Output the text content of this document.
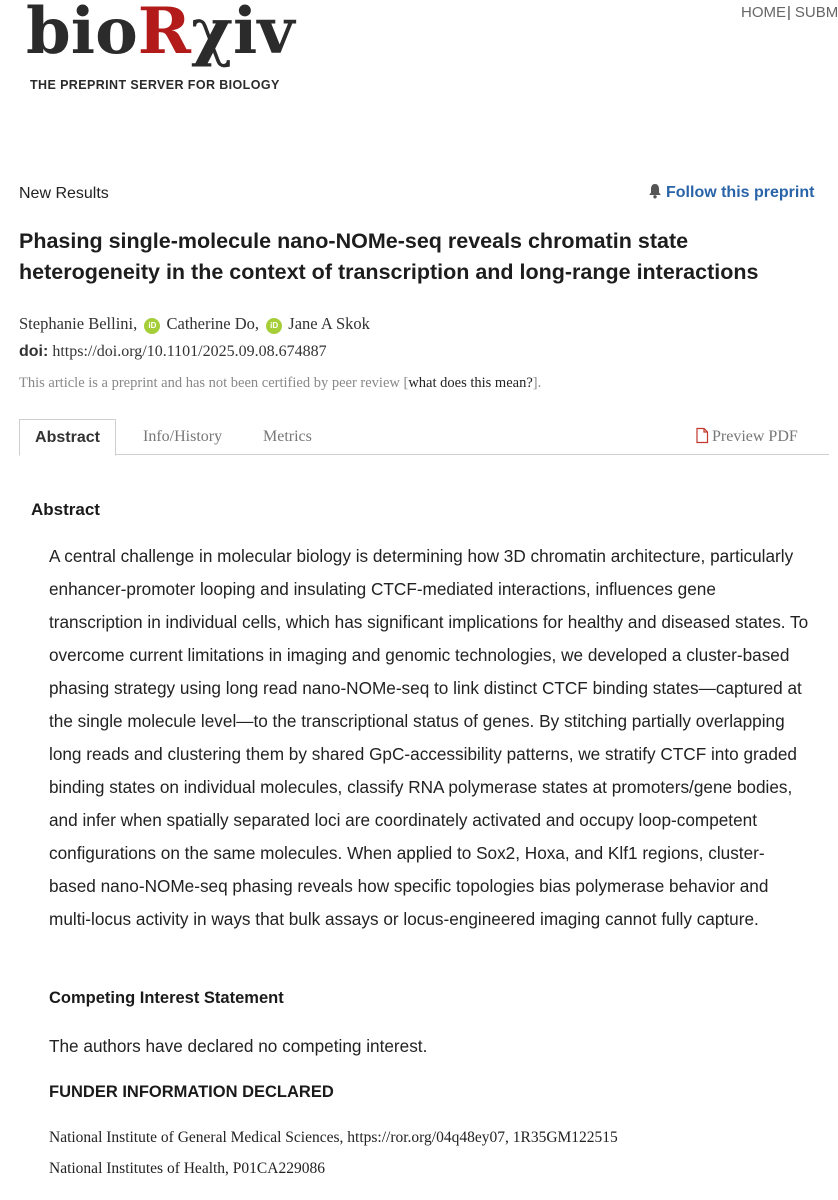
bioRχiv
THE PREPRINT SERVER FOR BIOLOGY
HOME| SUBM
New Results	Follow this preprint
Phasing single-molecule nano-NOMe-seq reveals chromatin state heterogeneity in the context of transcription and long-range interactions
Stephanie Bellini, iD Catherine Do, iD Jane A Skok
doi: https://doi.org/10.1101/2025.09.08.674887
This article is a preprint and has not been certified by peer review [what does this mean?].
Abstract	Info/History	Metrics	Preview PDF
Abstract

A central challenge in molecular biology is determining how 3D chromatin architecture, particularly enhancer-promoter looping and insulating CTCF-mediated interactions, influences gene transcription in individual cells, which has significant implications for healthy and diseased states. To overcome current limitations in imaging and genomic technologies, we developed a cluster-based phasing strategy using long read nano-NOMe-seq to link distinct CTCF binding states—captured at the single molecule level—to the transcriptional status of genes. By stitching partially overlapping long reads and clustering them by shared GpC-accessibility patterns, we stratify CTCF into graded binding states on individual molecules, classify RNA polymerase states at promoters/gene bodies, and infer when spatially separated loci are coordinately activated and occupy loop-competent configurations on the same molecules. When applied to Sox2, Hoxa, and Klf1 regions, cluster-based nano-NOMe-seq phasing reveals how specific topologies bias polymerase behavior and multi-locus activity in ways that bulk assays or locus-engineered imaging cannot fully capture.

Competing Interest Statement

The authors have declared no competing interest.

FUNDER INFORMATION DECLARED

National Institute of General Medical Sciences, https://ror.org/04q48ey07, 1R35GM122515

National Institutes of Health, P01CA229086
